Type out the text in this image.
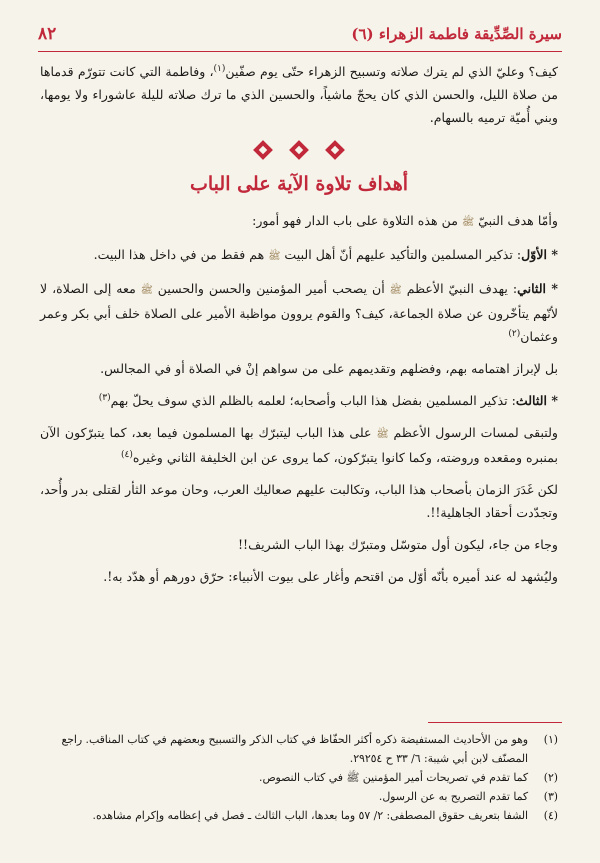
سيرة الصِّدِّيقة فاطمة الزهراء (٦)
٨٢

كيف؟ وعليّ الذي لم يترك صلاته وتسبيح الزهراء حتّى يوم صفّين$^{(١)}$، وفاطمة التي كانت تتورّم قدماها من صلاة الليل، والحسن الذي كان يحجّ ماشياً، والحسين الذي ما ترك صلاته لليلة عاشوراء ولا يومها، وبني أُميّة ترميه بالسهام.

أهداف تلاوة الآية على الباب

وأمّا هدف النبيّ ﷺ من هذه التلاوة على باب الدار فهو أمور:

* الأوّل: تذكير المسلمين والتأكيد عليهم أنّ أهل البيت ﷺ هم فقط من في داخل هذا البيت.

* الثاني: يهدف النبيّ الأعظم ﷺ أن يصحب أمير المؤمنين والحسن والحسين ﷺ معه إلى الصلاة، لا لأنّهم يتأخّرون عن صلاة الجماعة، كيف؟ والقوم يروون مواظبة الأمير على الصلاة خلف أبي بكر وعمر وعثمان$^{(٢)}$

بل لإبراز اهتمامه بهم، وفضلهم وتقديمهم على من سواهم إنْ في الصلاة أو في المجالس.

* الثالث: تذكير المسلمين بفضل هذا الباب وأصحابه؛ لعلمه بالظلم الذي سوف يحلّ بهم$^{(٣)}$

ولتبقى لمسات الرسول الأعظم ﷺ على هذا الباب ليتبرّك بها المسلمون فيما بعد، كما يتبرّكون الآن بمنبره ومقعده وروضته، وكما كانوا يتبرّكون، كما يروى عن ابن الخليفة الثاني وغيره$^{(٤)}$

لكن غَدَرَ الزمان بأصحاب هذا الباب، وتكالبت عليهم صعاليك العرب، وحان موعد الثأر لقتلى بدر وأُحد، وتجدّدت أحقاد الجاهلية!!.

وجاء من جاء، ليكون أول متوسّل ومتبرّك بهذا الباب الشريف!!

وليُشهد له عند أميره بأنّه أوّل من اقتحم وأغار على بيوت الأنبياء: حرّق دورهم أو هدّد به!.

(١)
وهو من الأحاديث المستفيضة ذكره أكثر الحفّاظ في كتاب الذكر والتسبيح وبعضهم في كتاب المناقب. راجع المصنّف لابن أبي شيبة: ٦/ ٣٣ ح ٢٩٢٥٤.
(٢)
كما تقدم في تصريحات أمير المؤمنين ﷺ في كتاب النصوص.
(٣)
كما تقدم التصريح به عن الرسول.
(٤)
الشفا بتعريف حقوق المصطفى: ٢/ ٥٧ وما بعدها، الباب الثالث ـ فصل في إعظامه وإكرام مشاهده.
